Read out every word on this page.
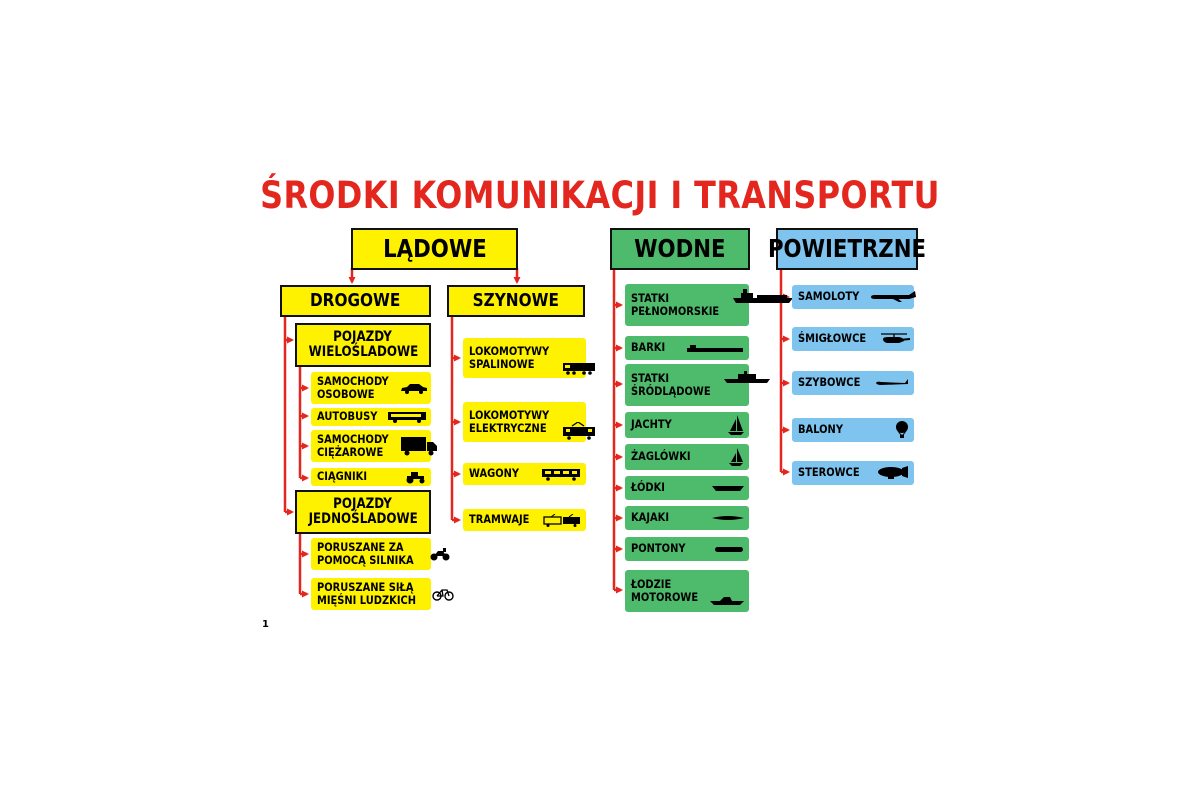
ŚRODKI KOMUNIKACJI I TRANSPORTU
LĄDOWE	WODNE POWIETRZNE
DROGOWE	SZYNOWE
POJAZDY
WIELOŚLADOWE
POJAZDY
JEDNOŚLADOWE
SAMOCHODY
OSOBOWE
AUTOBUSY
SAMOCHODY
CIĘŻAROWE
CIĄGNIKI
PORUSZANE ZA
POMOCĄ SILNIKA
PORUSZANE SIŁĄ
MIĘŚNI LUDZKICH
LOKOMOTYWY
SPALINOWE
LOKOMOTYWY
ELEKTRYCZNE
WAGONY
TRAMWAJE
STATKI
PEŁNOMORSKIE
BARKI
STATKI
ŚRÓDLĄDOWE
JACHTY
ŻAGLÓWKI
ŁÓDKI
KAJAKI
PONTONY
ŁODZIE
MOTOROWE
SAMOLOTY
ŚMIGŁOWCE
SZYBOWCE
BALONY
STEROWCE
1
